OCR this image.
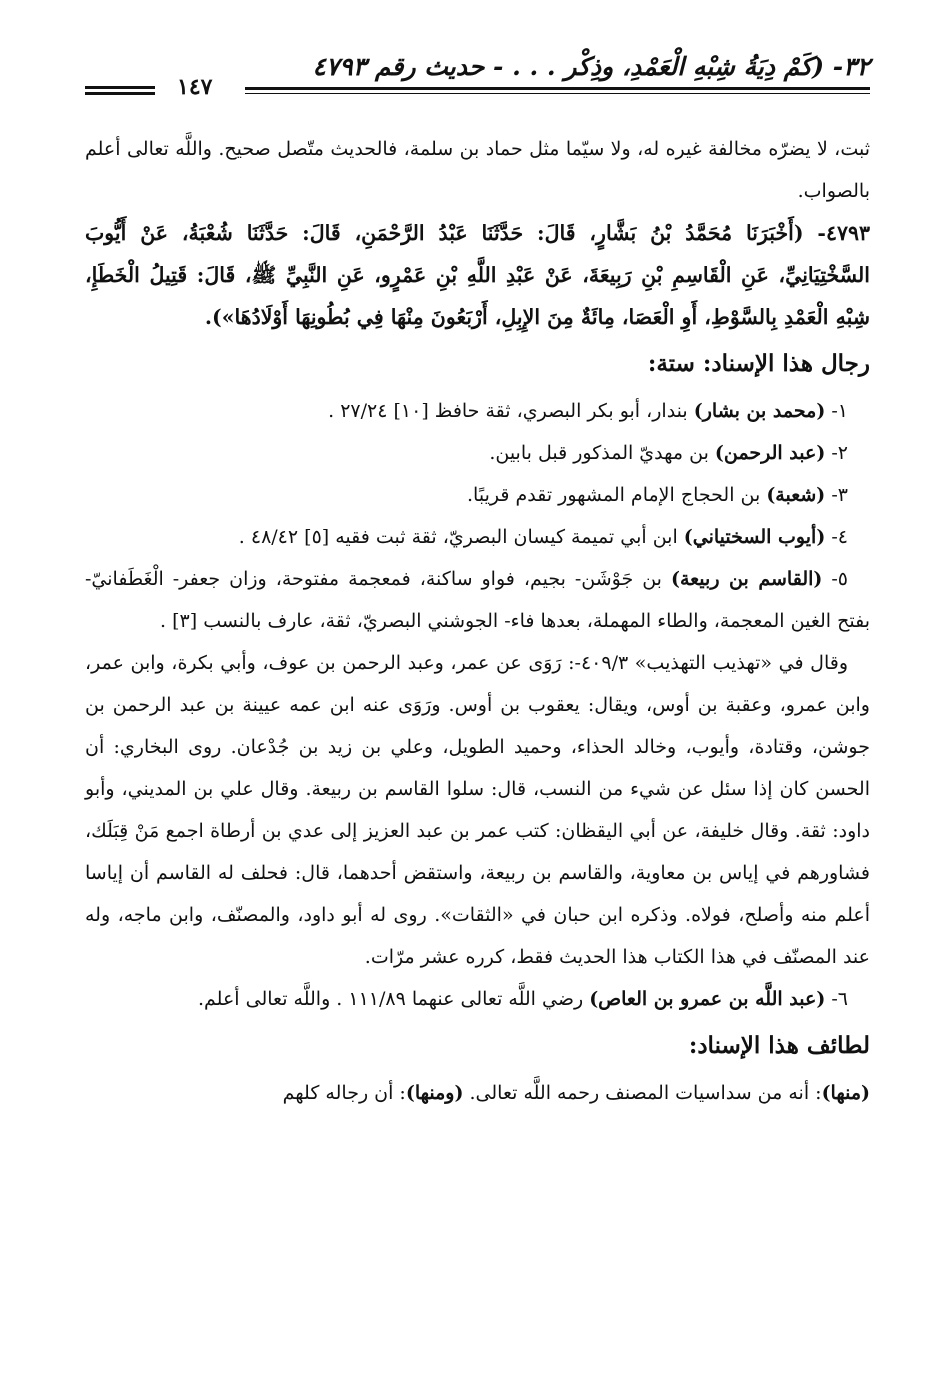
٣٢- (كَمْ دِيَةُ شِبْهِ الْعَمْدِ، وذِكْر . . . - حديث رقم ٤٧٩٣
١٤٧

ثبت، لا يضرّه مخالفة غيره له، ولا سيّما مثل حماد بن سلمة، فالحديث متّصل صحيح. واللَّه تعالى أعلم بالصواب.

٤٧٩٣- (أَخْبَرَنَا مُحَمَّدُ بْنُ بَشَّارٍ، قَالَ: حَدَّثَنَا عَبْدُ الرَّحْمَنِ، قَالَ: حَدَّثَنَا شُعْبَةُ، عَنْ أَيُّوبَ السَّخْتِيَانِيِّ، عَنِ الْقَاسِمِ بْنِ رَبِيعَةَ، عَنْ عَبْدِ اللَّهِ بْنِ عَمْرٍو، عَنِ النَّبِيِّ ﷺ، قَالَ: قَتِيلُ الْخَطَإِ، شِبْهِ الْعَمْدِ بِالسَّوْطِ، أَوِ الْعَصَا، مِائَةٌ مِنَ الإِبِلِ، أَرْبَعُونَ مِنْهَا فِي بُطُونِهَا أَوْلَادُهَا»).

رجال هذا الإسناد: ستة:

١- (محمد بن بشار) بندار، أبو بكر البصري، ثقة حافظ [١٠] ٢٧/٢٤ .

٢- (عبد الرحمن) بن مهديّ المذكور قبل بابين.

٣- (شعبة) بن الحجاج الإمام المشهور تقدم قريبًا.

٤- (أيوب السختياني) ابن أبي تميمة كيسان البصريّ، ثقة ثبت فقيه [٥] ٤٨/٤٢ .

٥- (القاسم بن ربيعة) بن جَوْشَن- بجيم، فواو ساكنة، فمعجمة مفتوحة، وزان جعفر- الْغَطَفانيّ- بفتح الغين المعجمة، والطاء المهملة، بعدها فاء- الجوشني البصريّ، ثقة، عارف بالنسب [٣] .

وقال في «تهذيب التهذيب» ٤٠٩/٣-: رَوَى عن عمر، وعبد الرحمن بن عوف، وأبي بكرة، وابن عمر، وابن عمرو، وعقبة بن أوس، ويقال: يعقوب بن أوس. ورَوَى عنه ابن عمه عيينة بن عبد الرحمن بن جوشن، وقتادة، وأيوب، وخالد الحذاء، وحميد الطويل، وعلي بن زيد بن جُدْعان. روى البخاري: أن الحسن كان إذا سئل عن شيء من النسب، قال: سلوا القاسم بن ربيعة. وقال علي بن المديني، وأبو داود: ثقة. وقال خليفة، عن أبي اليقظان: كتب عمر بن عبد العزيز إلى عدي بن أرطاة اجمع مَنْ قِبَلَك، فشاورهم في إياس بن معاوية، والقاسم بن ربيعة، واستقض أحدهما، قال: فحلف له القاسم أن إياسا أعلم منه وأصلح، فولاه. وذكره ابن حبان في «الثقات». روى له أبو داود، والمصنّف، وابن ماجه، وله عند المصنّف في هذا الكتاب هذا الحديث فقط، كرره عشر مرّات.

٦- (عبد اللَّه بن عمرو بن العاص) رضي اللَّه تعالى عنهما ١١١/٨٩ . واللَّه تعالى أعلم.

لطائف هذا الإسناد:

(منها): أنه من سداسيات المصنف رحمه اللَّه تعالى. (ومنها): أن رجاله كلهم
